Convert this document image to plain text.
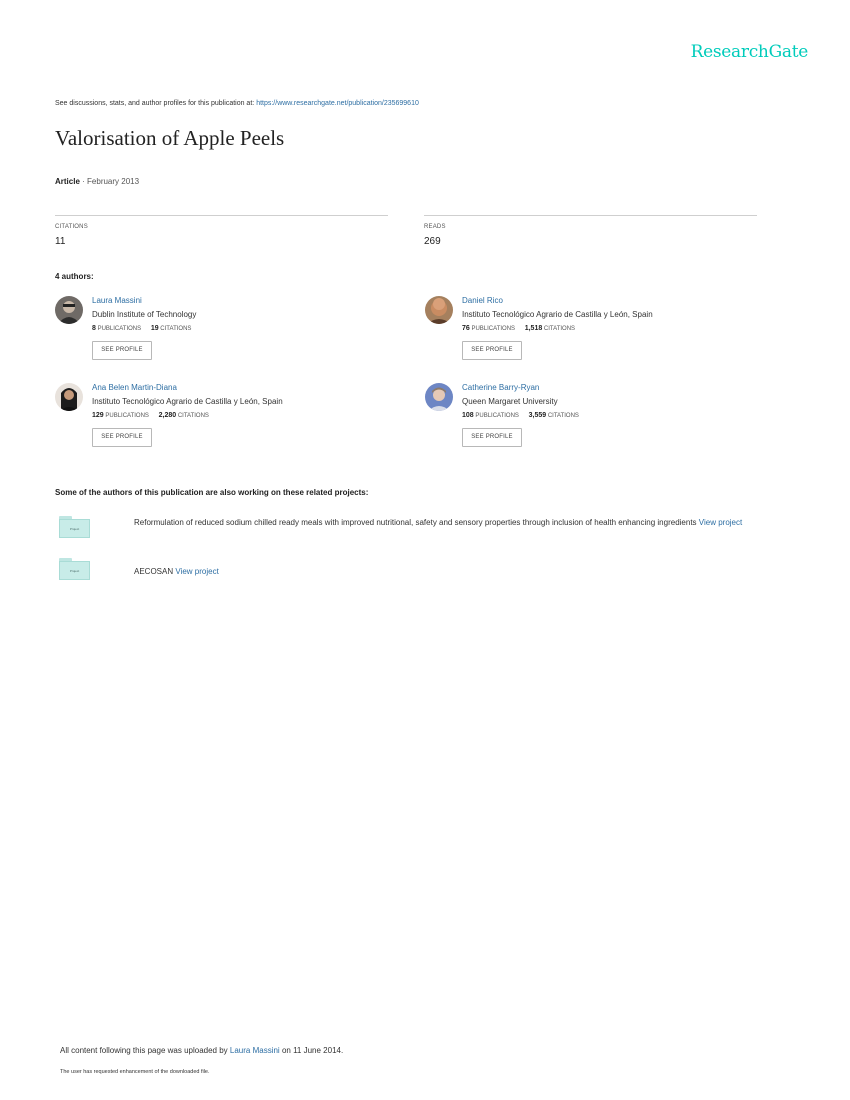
ResearchGate
See discussions, stats, and author profiles for this publication at: https://www.researchgate.net/publication/235699610
Valorisation of Apple Peels
Article · February 2013
CITATIONS
11
READS
269
4 authors:
Laura Massini
Dublin Institute of Technology
8 PUBLICATIONS 19 CITATIONS
SEE PROFILE
Daniel Rico
Instituto Tecnológico Agrario de Castilla y León, Spain
76 PUBLICATIONS 1,518 CITATIONS
SEE PROFILE
Ana Belen Martin-Diana
Instituto Tecnológico Agrario de Castilla y León, Spain
129 PUBLICATIONS 2,280 CITATIONS
SEE PROFILE
Catherine Barry-Ryan
Queen Margaret University
108 PUBLICATIONS 3,559 CITATIONS
SEE PROFILE
Some of the authors of this publication are also working on these related projects:
Project
Reformulation of reduced sodium chilled ready meals with improved nutritional, safety and sensory properties through inclusion of health enhancing ingredients View project
Project	AECOSAN View project
All content following this page was uploaded by Laura Massini on 11 June 2014.
The user has requested enhancement of the downloaded file.
